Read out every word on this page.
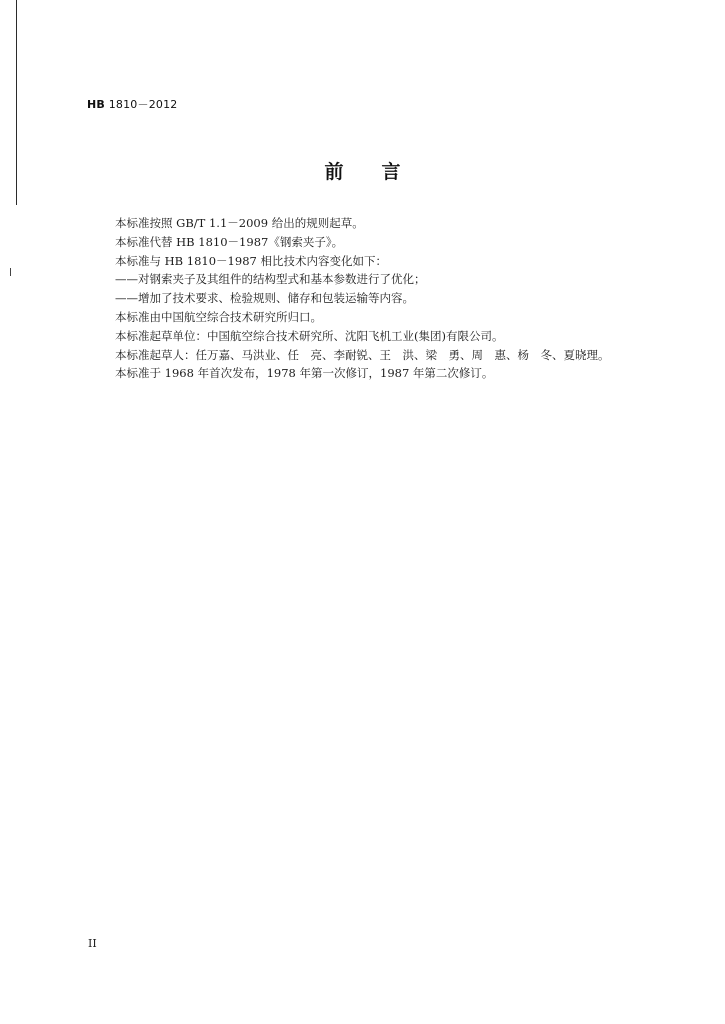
HB 1810－2012
前言
本标准按照 GB/T 1.1－2009 给出的规则起草。
本标准代替 HB 1810－1987《钢索夹子》。
本标准与 HB 1810－1987 相比技术内容变化如下：
——对钢索夹子及其组件的结构型式和基本参数进行了优化；
——增加了技术要求、检验规则、储存和包装运输等内容。
本标准由中国航空综合技术研究所归口。
本标准起草单位：中国航空综合技术研究所、沈阳飞机工业(集团)有限公司。
本标准起草人：任万嘉、马洪业、任　亮、李耐锐、王　洪、梁　勇、周　惠、杨　冬、夏晓理。
本标准于 1968 年首次发布，1978 年第一次修订，1987 年第二次修订。
II
